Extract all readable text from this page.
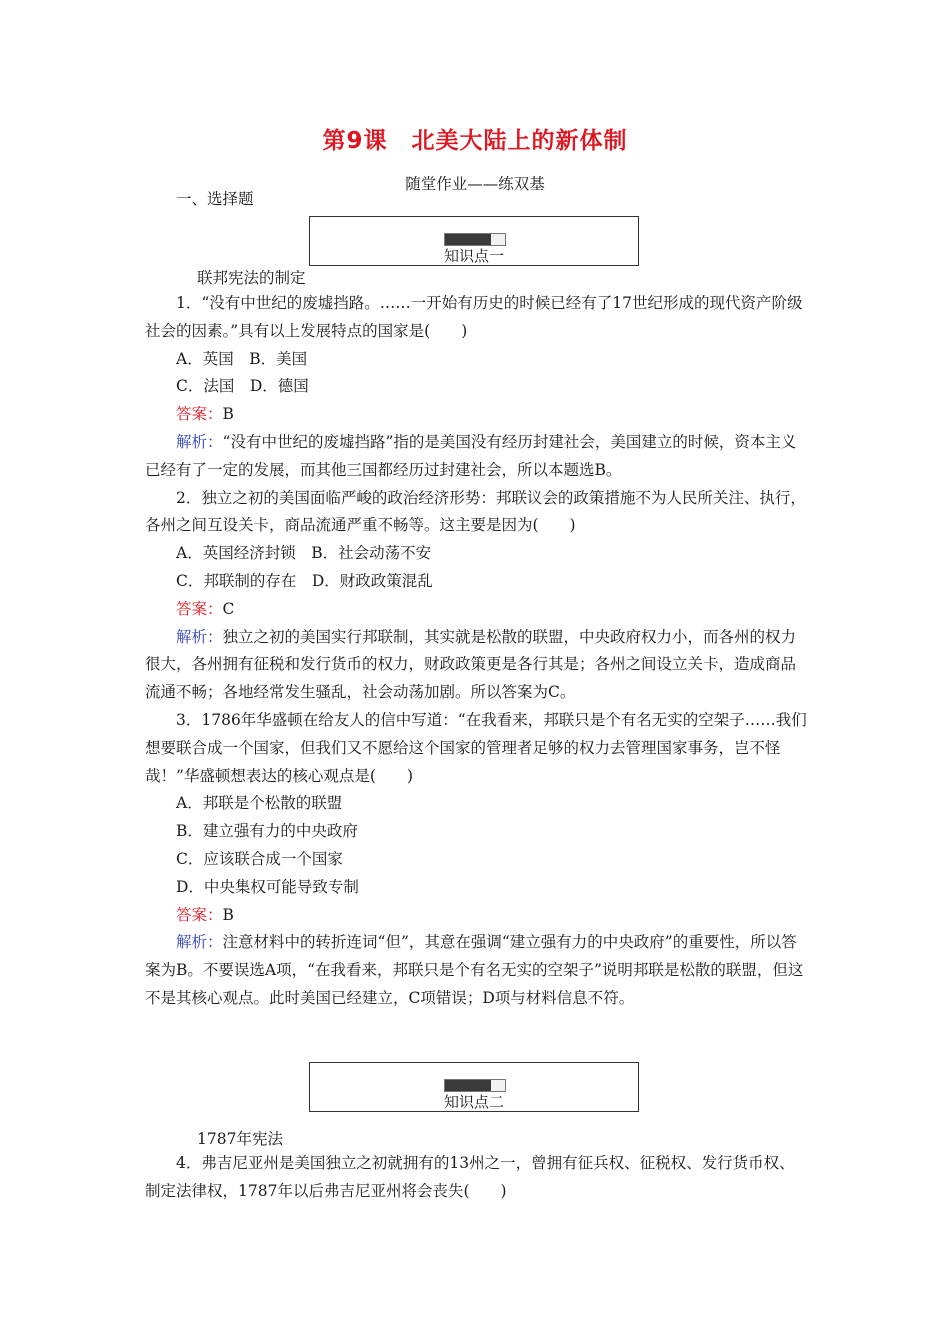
第9课　北美大陆上的新体制
随堂作业——练双基
一、选择题
知识点一
联邦宪法的制定

1．“没有中世纪的废墟挡路。……一开始有历史的时候已经有了17世纪形成的现代资产阶级社会的因素。”具有以上发展特点的国家是(　　)

A．英国　B．美国

C．法国　D．德国

答案：B

解析：“没有中世纪的废墟挡路”指的是美国没有经历封建社会，美国建立的时候，资本主义已经有了一定的发展，而其他三国都经历过封建社会，所以本题选B。

2．独立之初的美国面临严峻的政治经济形势：邦联议会的政策措施不为人民所关注、执行，各州之间互设关卡，商品流通严重不畅等。这主要是因为(　　)

A．英国经济封锁　B．社会动荡不安

C．邦联制的存在　D．财政政策混乱

答案：C

解析：独立之初的美国实行邦联制，其实就是松散的联盟，中央政府权力小，而各州的权力很大，各州拥有征税和发行货币的权力，财政政策更是各行其是；各州之间设立关卡，造成商品流通不畅；各地经常发生骚乱，社会动荡加剧。所以答案为C。

3．1786年华盛顿在给友人的信中写道：“在我看来，邦联只是个有名无实的空架子……我们想要联合成一个国家，但我们又不愿给这个国家的管理者足够的权力去管理国家事务，岂不怪哉！”华盛顿想表达的核心观点是(　　)

A．邦联是个松散的联盟

B．建立强有力的中央政府

C．应该联合成一个国家

D．中央集权可能导致专制

答案：B

解析：注意材料中的转折连词“但”，其意在强调“建立强有力的中央政府”的重要性，所以答案为B。不要误选A项，“在我看来，邦联只是个有名无实的空架子”说明邦联是松散的联盟，但这不是其核心观点。此时美国已经建立，C项错误；D项与材料信息不符。

知识点二
1787年宪法

4．弗吉尼亚州是美国独立之初就拥有的13州之一，曾拥有征兵权、征税权、发行货币权、制定法律权，1787年以后弗吉尼亚州将会丧失(　　)
